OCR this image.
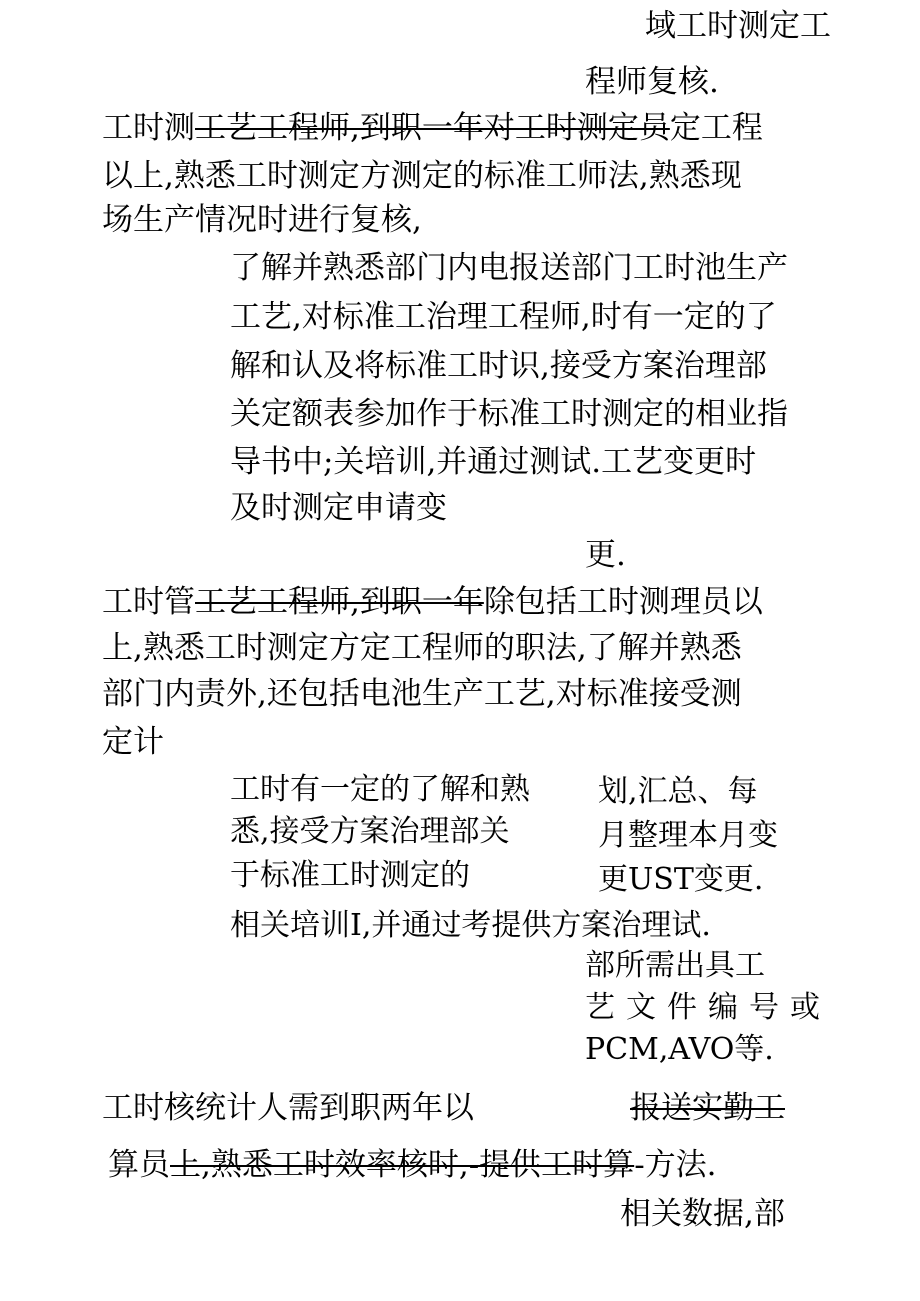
域工时测定工
程师复核.
工时测工艺工程师,到职一年对工时测定员定工程
以上,熟悉工时测定方测定的标准工师法,熟悉现
场生产情况时进行复核,
了解并熟悉部门内电报送部门工时池生产
工艺,对标准工治理工程师,时有一定的了
解和认及将标准工时识,接受方案治理部
关定额表参加作于标准工时测定的相业指
导书中;关培训,并通过测试.工艺变更时
及时测定申请变
更.
工时管工艺工程师,到职一年除包括工时测理员以
上,熟悉工时测定方定工程师的职法,了解并熟悉
部门内责外,还包括电池生产工艺,对标准接受测
定计
工时有一定的了解和熟 划,汇总、每
悉,接受方案治理部关	月整理本月变
于标准工时测定的	更UST变更.
相关培训I,并通过考提供方案治理试.
部所需出具工
艺文件编号或
PCM,AVO等.
工时核统计人需到职两年以	报送实勤工
算员上,熟悉工时效率核时,-提供工时算-方法.
相关数据,部
